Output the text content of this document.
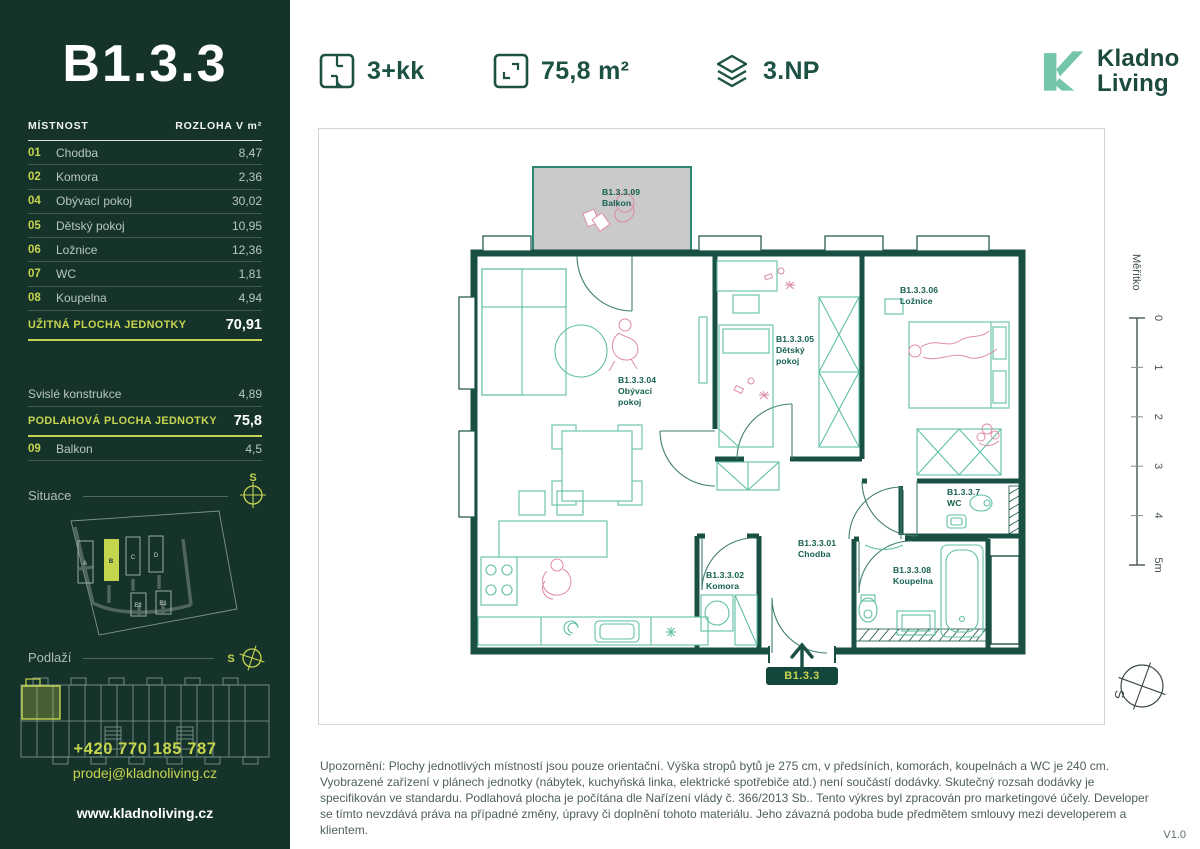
B1.3.3
MÍSTNOST	ROZLOHA V m²
01	Chodba	8,47
02	Komora	2,36
04	Obývací pokoj	30,02
05	Dětský pokoj	10,95
06	Ložnice	12,36
07	WC	1,81
08	Koupelna	4,94
UŽITNÁ PLOCHA JEDNOTKY	70,91
Svislé konstrukce	4,89
PODLAHOVÁ PLOCHA JEDNOTKY	75,8
09	Balkon	4,5
Situace
S
A	B
C	D
E2	E1
Podlaží	S
+420 770 185 787
prodej@kladnoliving.cz
www.kladnoliving.cz
3+kk	75,8 m²	3.NP	Kladno
Living
B1.3.3.09
Balkon
B1.3.3.04
Obývací pokoj
B1.3.3.05
Dětský pokoj
B1.3.3.06
Ložnice
B1.3.3.7
WC
B1.3.3.01
Chodba
B1.3.3.02
Komora
B1.3.3.08
Koupelna
B1.3.3
Měřítko
0
1
2
3
4
5m
S
Upozornění: Plochy jednotlivých místností jsou pouze orientační. Výška stropů bytů je 275 cm, v předsíních, komorách, koupelnách a WC je 240 cm. Vyobrazené zařízení v plánech jednotky (nábytek, kuchyňská linka, elektrické spotřebiče atd.) není součástí dodávky. Skutečný rozsah dodávky je specifikován ve standardu. Podlahová plocha je počítána dle Nařízení vlády č. 366/2013 Sb.. Tento výkres byl zpracován pro marketingové účely. Developer se tímto nevzdává práva na případné změny, úpravy či doplnění tohoto materiálu. Jeho závazná podoba bude předmětem smlouvy mezi developerem a klientem.	V1.0
